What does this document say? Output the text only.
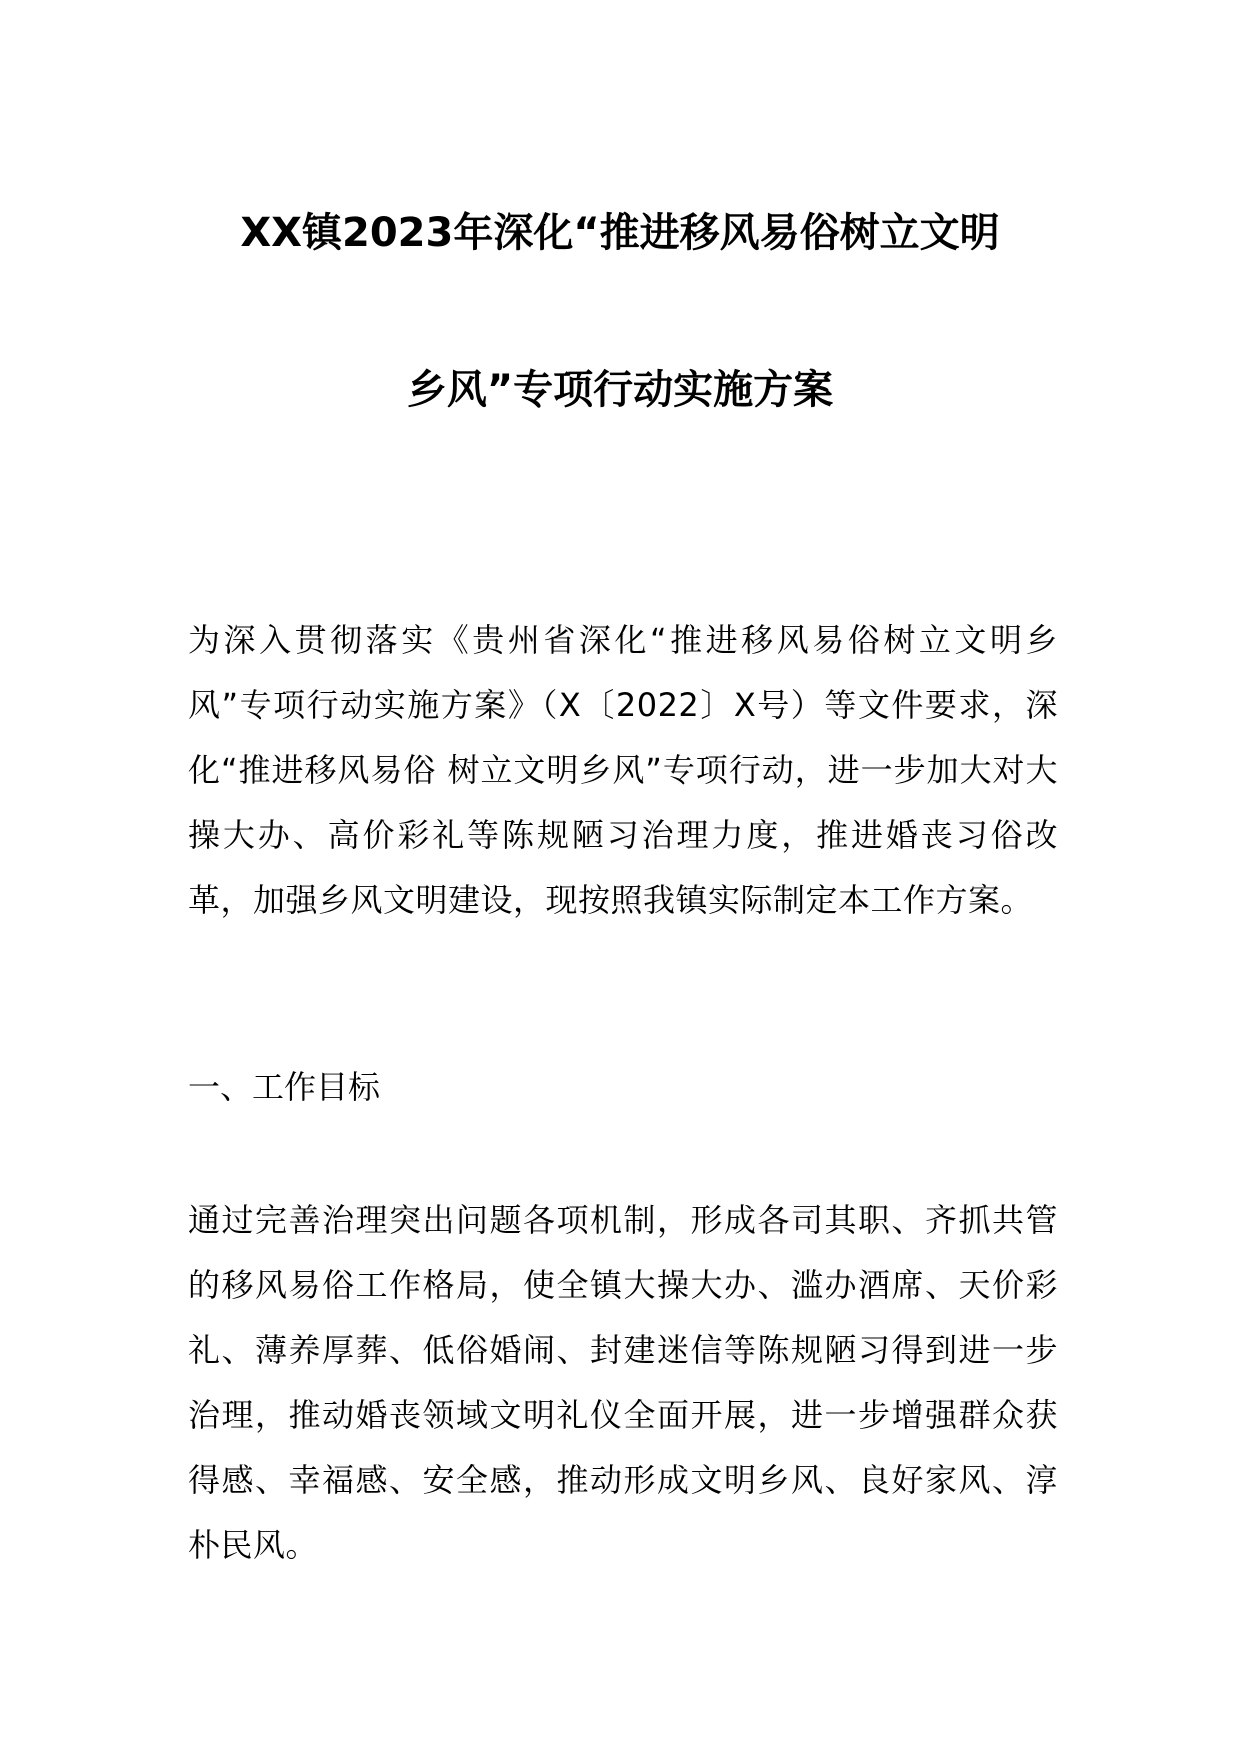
XX镇2023年深化“推进移风易俗树立文明
乡风”专项行动实施方案

为深入贯彻落实《贵州省深化“推进移风易俗树立文明乡风”专项行动实施方案》（X〔2022〕X号）等文件要求，深化“推进移风易俗 树立文明乡风”专项行动，进一步加大对大操大办、高价彩礼等陈规陋习治理力度，推进婚丧习俗改革，加强乡风文明建设，现按照我镇实际制定本工作方案。

一、工作目标

通过完善治理突出问题各项机制，形成各司其职、齐抓共管的移风易俗工作格局，使全镇大操大办、滥办酒席、天价彩礼、薄养厚葬、低俗婚闹、封建迷信等陈规陋习得到进一步治理，推动婚丧领域文明礼仪全面开展，进一步增强群众获得感、幸福感、安全感，推动形成文明乡风、良好家风、淳朴民风。
